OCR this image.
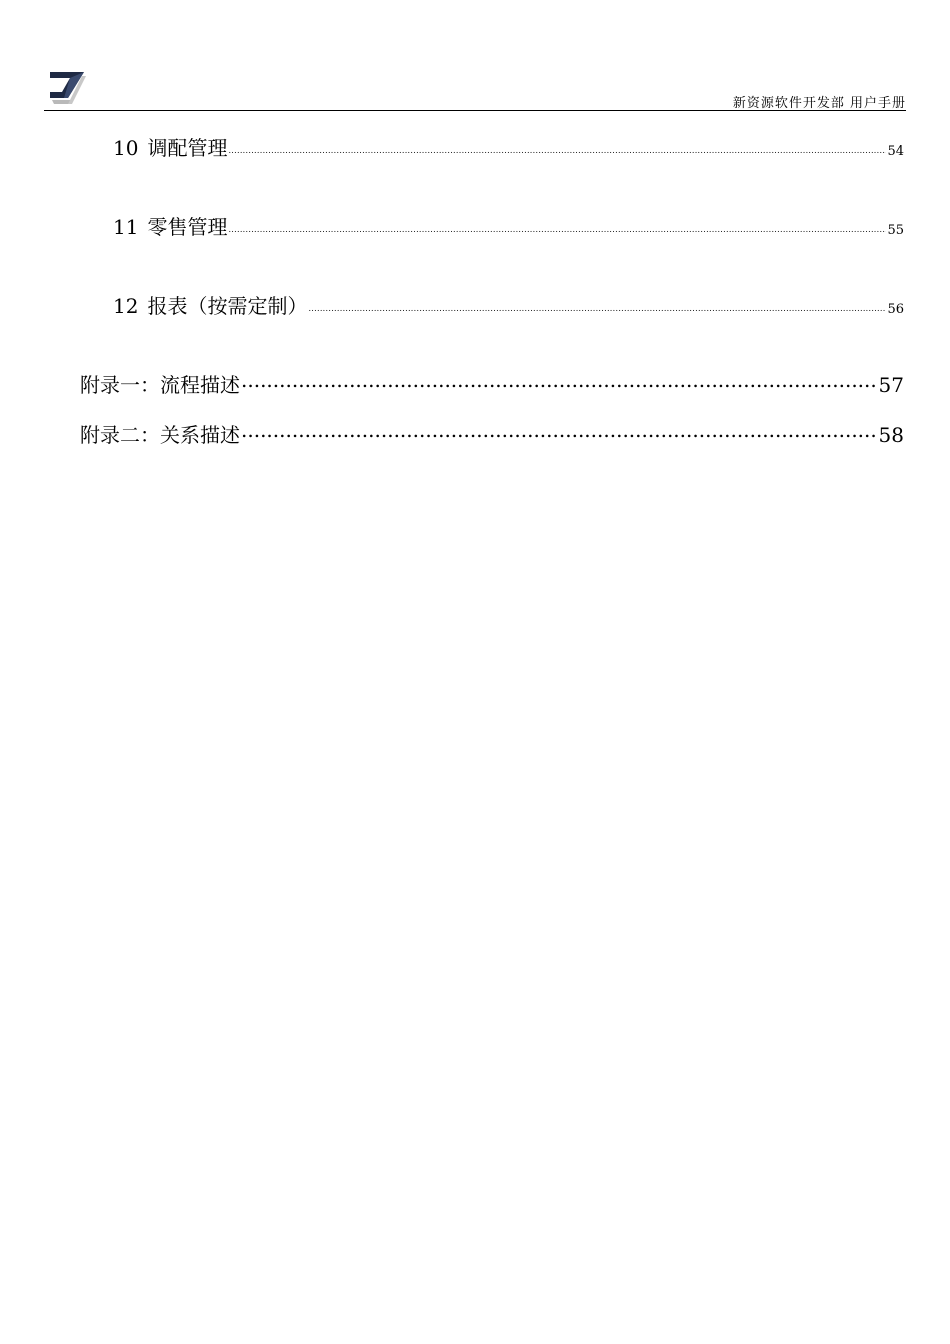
新资源软件开发部 用户手册
10 调配管理 .....	54
11 零售管理 .....	55
12 报表（按需定制） .....	56
附录一：流程描述 .....	57
附录二：关系描述 .....	58
